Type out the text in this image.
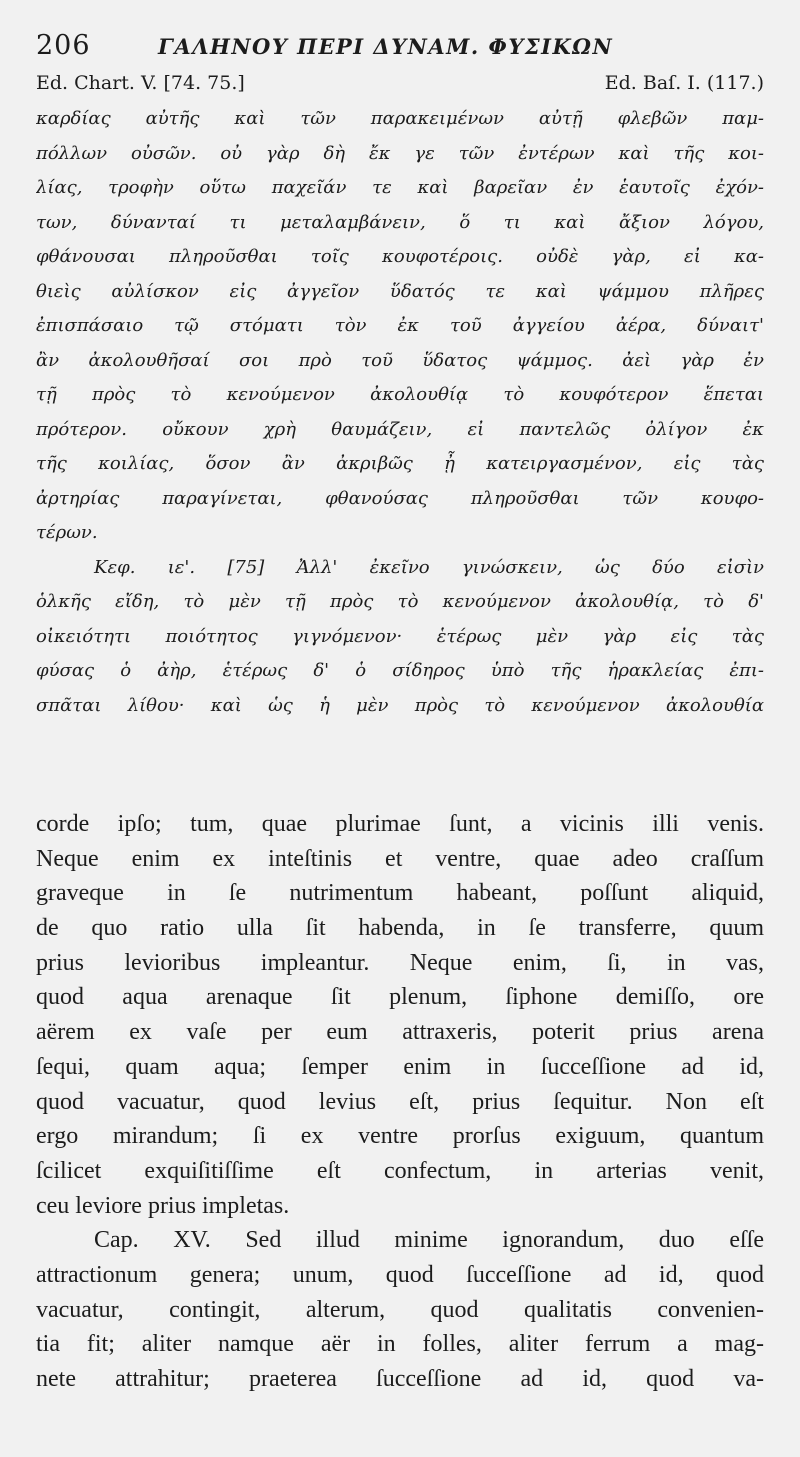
206	ΓΑΛΗΝΟΥ ΠΕΡΙ ΔΥΝΑΜ. ΦΥΣΙΚΩΝ
Ed. Chart. V. [74. 75.]	Ed. Baſ. I. (117.)
καρδίας αὐτῆς καὶ τῶν παρακειμένων αὐτῇ φλεβῶν παμ-
πόλλων οὐσῶν. οὐ γὰρ δὴ ἔκ γε τῶν ἐντέρων καὶ τῆς κοι-
λίας, τροφὴν οὕτω παχεῖάν τε καὶ βαρεῖαν ἐν ἑαυτοῖς ἐχόν-
των, δύνανταί τι μεταλαμβάνειν, ὅ τι καὶ ἄξιον λόγου,
φθάνουσαι πληροῦσθαι τοῖς κουφοτέροις. οὐδὲ γὰρ, εἰ κα-
θιεὶς αὐλίσκον εἰς ἀγγεῖον ὕδατός τε καὶ ψάμμου πλῆρες
ἐπισπάσαιο τῷ στόματι τὸν ἐκ τοῦ ἀγγείου ἀέρα, δύναιτ'
ἂν ἀκολουθῆσαί σοι πρὸ τοῦ ὕδατος ψάμμος. ἀεὶ γὰρ ἐν
τῇ πρὸς τὸ κενούμενον ἀκολουθίᾳ τὸ κουφότερον ἕπεται
πρότερον. οὔκουν χρὴ θαυμάζειν, εἰ παντελῶς ὀλίγον ἐκ
τῆς κοιλίας, ὅσον ἂν ἀκριβῶς ᾖ κατειργασμένον, εἰς τὰς
ἀρτηρίας παραγίνεται, φθανούσας πληροῦσθαι τῶν κουφο-
τέρων.
Κεφ. ιε'. [75] Ἀλλ' ἐκεῖνο γινώσκειν, ὡς δύο εἰσὶν
ὁλκῆς εἴδη, τὸ μὲν τῇ πρὸς τὸ κενούμενον ἀκολουθίᾳ, τὸ δ'
οἰκειότητι ποιότητος γιγνόμενον· ἑτέρως μὲν γὰρ εἰς τὰς
φύσας ὁ ἀὴρ, ἑτέρως δ' ὁ σίδηρος ὑπὸ τῆς ἡρακλείας ἐπι-
σπᾶται λίθου· καὶ ὡς ἡ μὲν πρὸς τὸ κενούμενον ἀκολουθία
corde ipſo; tum, quae plurimae ſunt, a vicinis illi venis.
Neque enim ex inteſtinis et ventre, quae adeo craſſum
graveque in ſe nutrimentum habeant, poſſunt aliquid,
de quo ratio ulla ſit habenda, in ſe transferre, quum
prius levioribus impleantur. Neque enim, ſi, in vas,
quod aqua arenaque ſit plenum, ſiphone demiſſo, ore
aërem ex vaſe per eum attraxeris, poterit prius arena
ſequi, quam aqua; ſemper enim in ſucceſſione ad id,
quod vacuatur, quod levius eſt, prius ſequitur. Non eſt
ergo mirandum; ſi ex ventre prorſus exiguum, quantum
ſcilicet exquiſitiſſime eſt confectum, in arterias venit,
ceu leviore prius impletas.
Cap. XV. Sed illud minime ignorandum, duo eſſe
attractionum genera; unum, quod ſucceſſione ad id, quod
vacuatur, contingit, alterum, quod qualitatis convenien-
tia fit; aliter namque aër in folles, aliter ferrum a mag-
nete attrahitur; praeterea ſucceſſione ad id, quod va-
